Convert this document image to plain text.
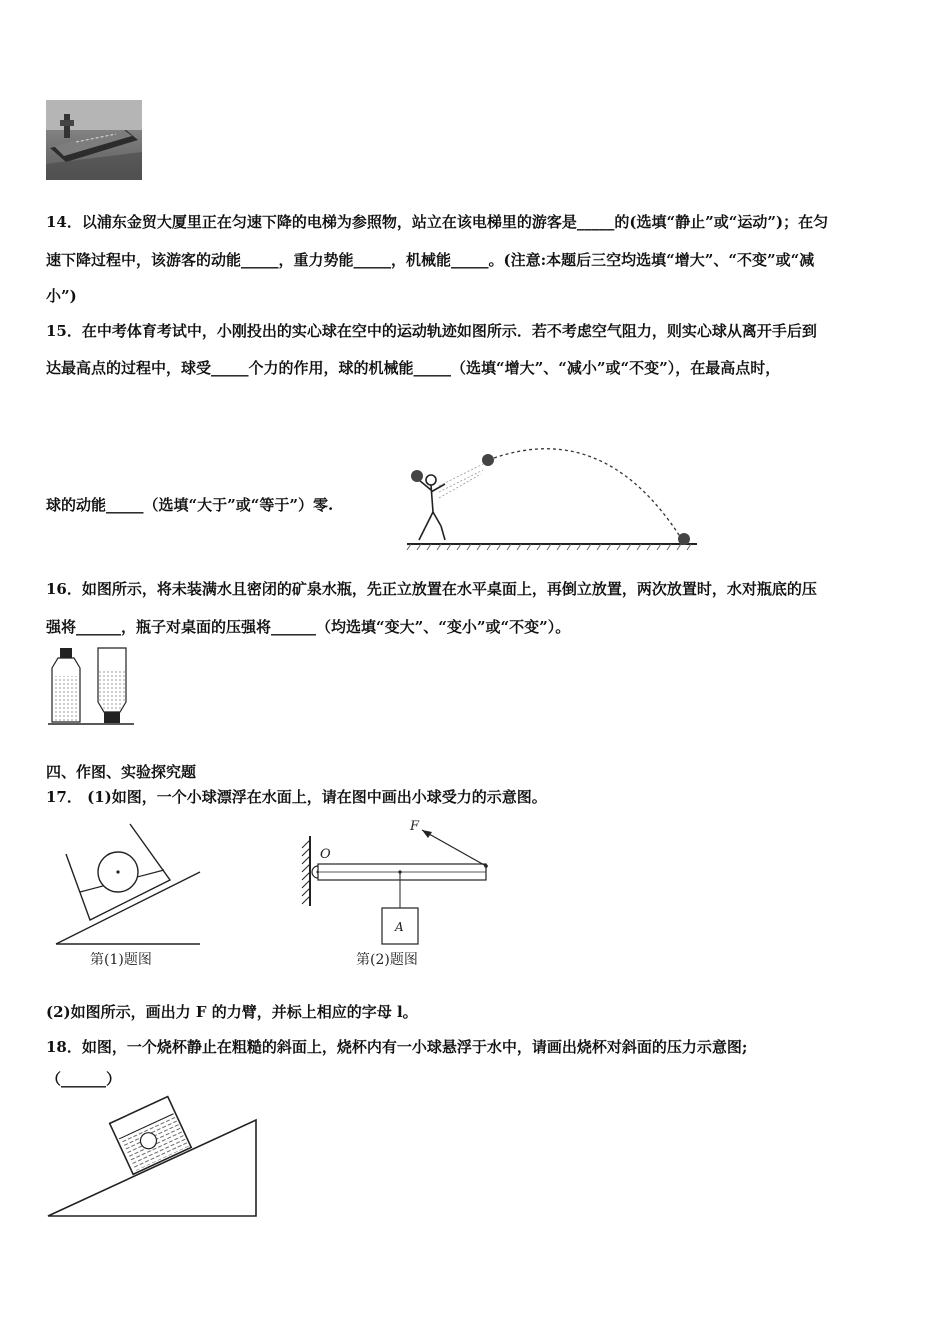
14．以浦东金贸大厦里正在匀速下降的电梯为参照物，站立在该电梯里的游客是_____的(选填“静止”或“运动”)；在匀
速下降过程中，该游客的动能_____，重力势能_____，机械能_____。(注意:本题后三空均选填“增大”、“不变”或“减
小”)
15．在中考体育考试中，小刚投出的实心球在空中的运动轨迹如图所示．若不考虑空气阻力，则实心球从离开手后到
达最高点的过程中，球受_____个力的作用，球的机械能_____（选填“增大”、“减小”或“不变”），在最高点时，
球的动能_____（选填“大于”或“等于”）零.
16．如图所示，将未装满水且密闭的矿泉水瓶，先正立放置在水平桌面上，再倒立放置，两次放置时，水对瓶底的压
强将______，瓶子对桌面的压强将______（均选填“变大”、“变小”或“不变”）。
四、作图、实验探究题
17． (1)如图，一个小球漂浮在水面上，请在图中画出小球受力的示意图。
第(1)题图
O
F
A
第(2)题图
(2)如图所示，画出力 F 的力臂，并标上相应的字母 l。
18．如图，一个烧杯静止在粗糙的斜面上，烧杯内有一小球悬浮于水中，请画出烧杯对斜面的压力示意图;
（______）
